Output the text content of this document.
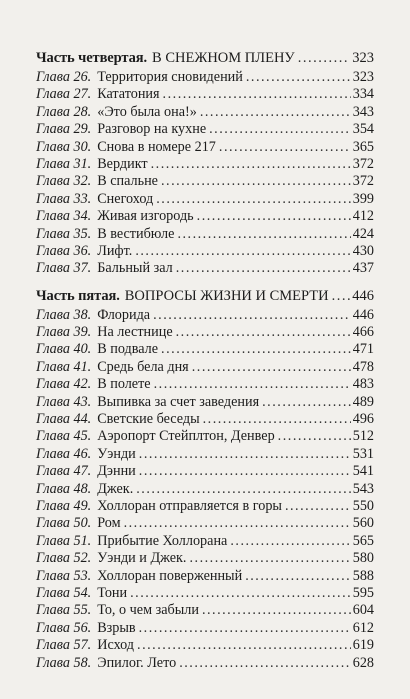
Часть четвертая. В СНЕЖНОМ ПЛЕНУ .....	323
Глава 26. Территория сновидений .....	323
Глава 27. Кататония .....	334
Глава 28. «Это была она!» .....	343
Глава 29. Разговор на кухне .....	354
Глава 30. Снова в номере 217 .....	365
Глава 31. Вердикт .....	372
Глава 32. В спальне .....	372
Глава 33. Снегоход .....	399
Глава 34. Живая изгородь .....	412
Глава 35. В вестибюле .....	424
Глава 36. Лифт. .....	430
Глава 37. Бальный зал .....	437
Часть пятая. ВОПРОСЫ ЖИЗНИ И СМЕРТИ ..... 446
Глава 38. Флорида .....	446
Глава 39. На лестнице .....	466
Глава 40. В подвале .....	471
Глава 41. Средь бела дня .....	478
Глава 42. В полете .....	483
Глава 43. Выпивка за счет заведения .....	489
Глава 44. Светские беседы .....	496
Глава 45. Аэропорт Стейплтон, Денвер .....	512
Глава 46. Уэнди .....	531
Глава 47. Дэнни .....	541
Глава 48. Джек. .....	543
Глава 49. Холлоран отправляется в горы .....	550
Глава 50. Ром .....	560
Глава 51. Прибытие Холлорана .....	565
Глава 52. Уэнди и Джек. .....	580
Глава 53. Холлоран поверженный .....	588
Глава 54. Тони .....	595
Глава 55. То, о чем забыли .....	604
Глава 56. Взрыв .....	612
Глава 57. Исход .....	619
Глава 58. Эпилог. Лето .....	628
